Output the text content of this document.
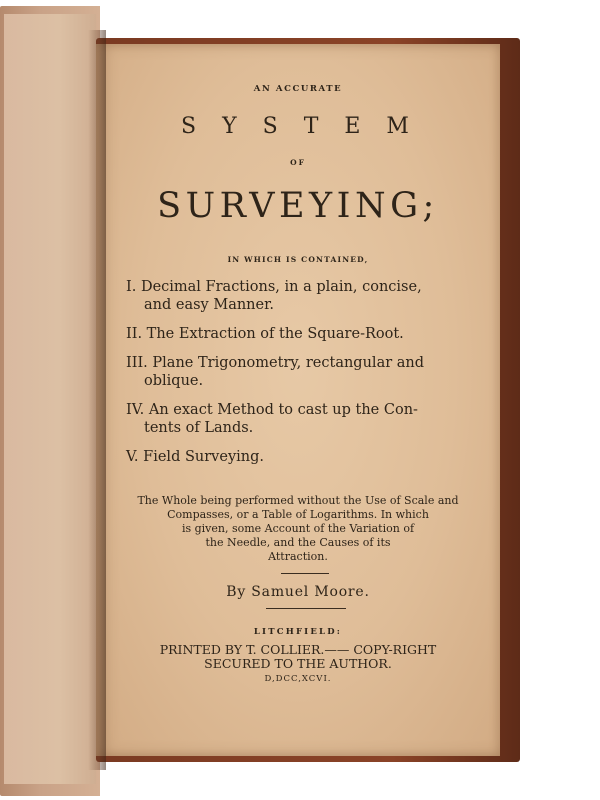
AN ACCURATE
SYSTEM
OF
SURVEYING;
IN WHICH IS CONTAINED,
I. Decimal Fractions, in a plain, concise,
and easy Manner.
II. The Extraction of the Square-Root.
III. Plane Trigonometry, rectangular and
oblique.
IV. An exact Method to cast up the Con-
tents of Lands.
V. Field Surveying.
The Whole being performed without the Use of Scale and
Compasses, or a Table of Logarithms. In which
is given, some Account of the Variation of
the Needle, and the Causes of its
Attraction.
By Samuel Moore.
LITCHFIELD:
PRINTED BY T. COLLIER.—— COPY-RIGHT
SECURED TO THE AUTHOR.
D,DCC,XCVI.
